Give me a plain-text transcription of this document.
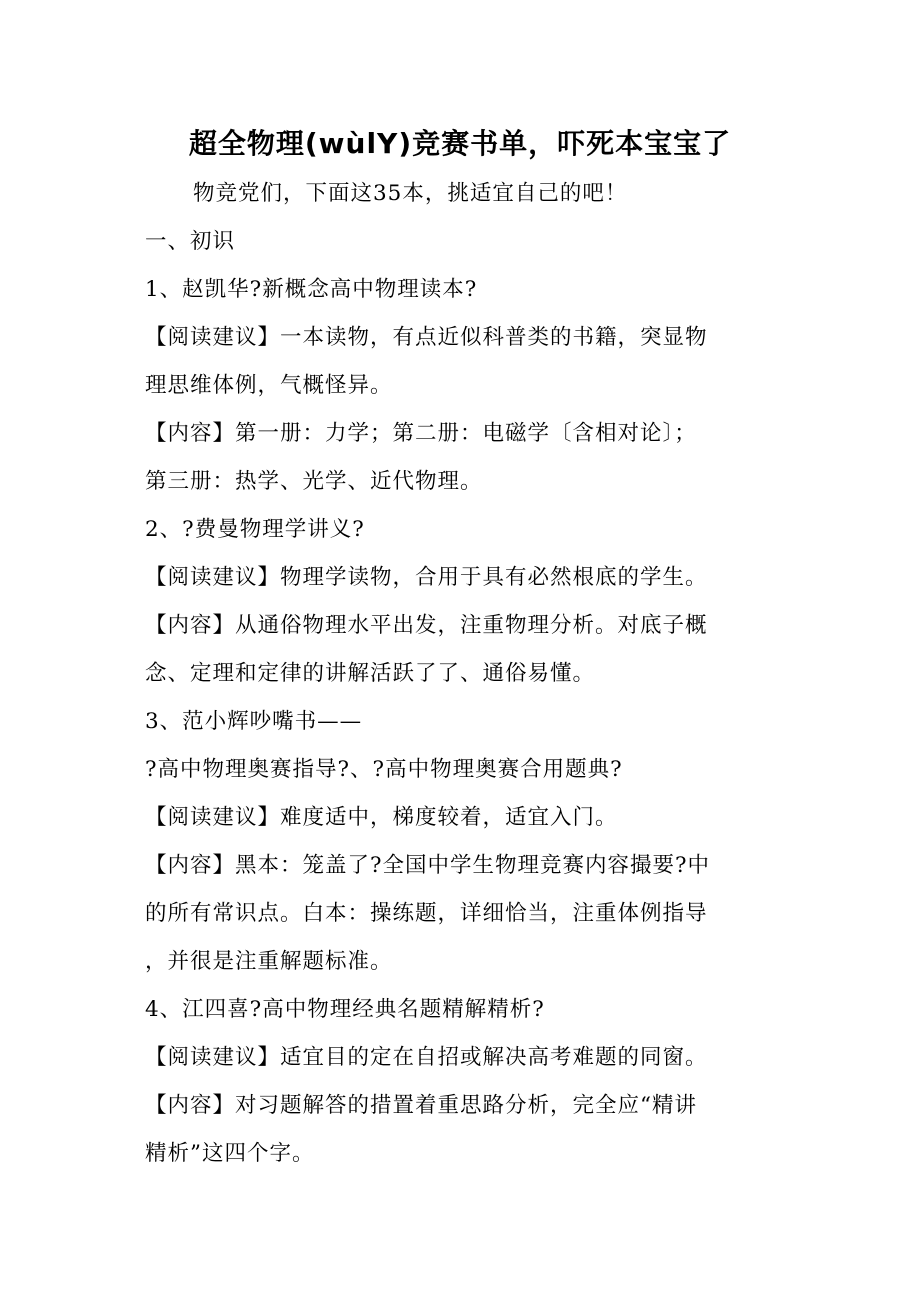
超全物理(wùlY)竞赛书单，吓死本宝宝了
物竞党们，下面这35本，挑适宜自己的吧！
一、初识
1、赵凯华?新概念高中物理读本?
【阅读建议】一本读物，有点近似科普类的书籍，突显物
理思维体例，气概怪异。
【内容】第一册：力学；第二册：电磁学〔含相对论〕；
第三册：热学、光学、近代物理。
2、?费曼物理学讲义?
【阅读建议】物理学读物，合用于具有必然根底的学生。
【内容】从通俗物理水平出发，注重物理分析。对底子概
念、定理和定律的讲解活跃了了、通俗易懂。
3、范小辉吵嘴书——
?高中物理奥赛指导?、?高中物理奥赛合用题典?
【阅读建议】难度适中，梯度较着，适宜入门。
【内容】黑本：笼盖了?全国中学生物理竞赛内容撮要?中
的所有常识点。白本：操练题，详细恰当，注重体例指导
，并很是注重解题标准。
4、江四喜?高中物理经典名题精解精析?
【阅读建议】适宜目的定在自招或解决高考难题的同窗。
【内容】对习题解答的措置着重思路分析，完全应“精讲
精析”这四个字。
